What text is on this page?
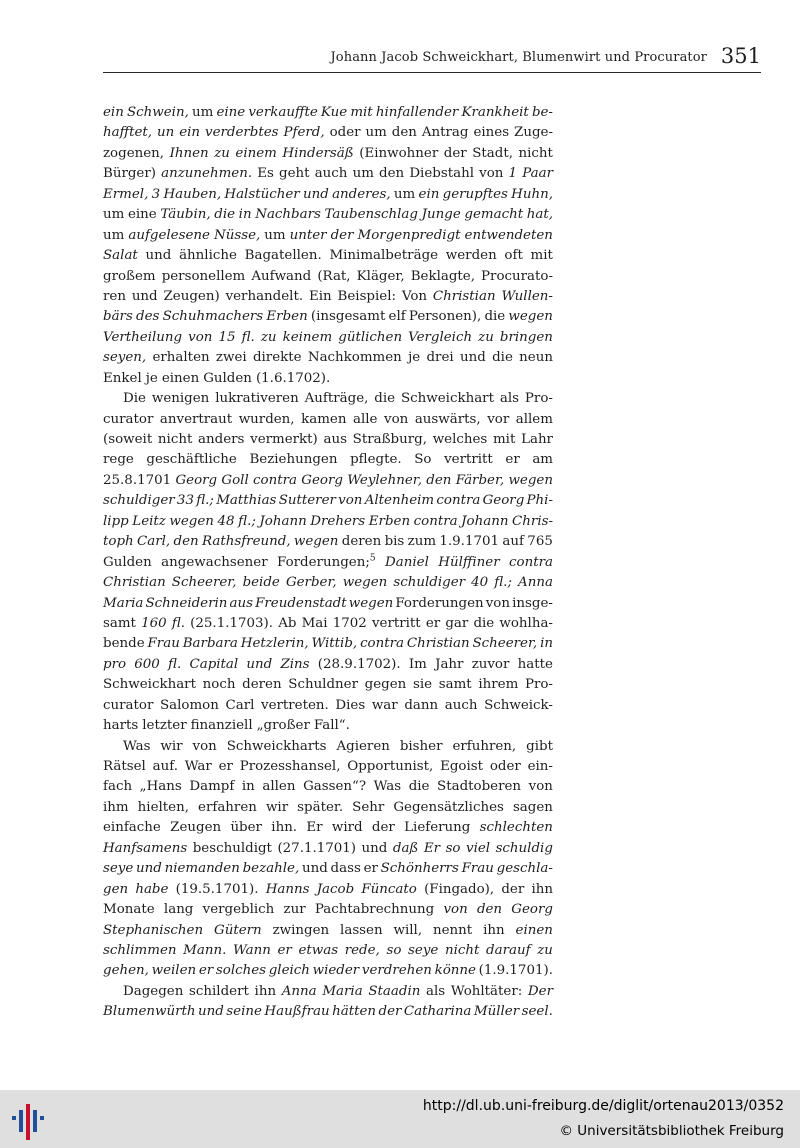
Johann Jacob Schweickhart, Blumenwirt und Procurator 351
ein Schwein, um eine verkauffte Kue mit hinfallender Krankheit be-
hafftet, un ein verderbtes Pferd, oder um den Antrag eines Zuge-
zogenen, Ihnen zu einem Hindersäß (Einwohner der Stadt, nicht
Bürger) anzunehmen. Es geht auch um den Diebstahl von 1 Paar
Ermel, 3 Hauben, Halstücher und anderes, um ein gerupftes Huhn,
um eine Täubin, die in Nachbars Taubenschlag Junge gemacht hat,
um aufgelesene Nüsse, um unter der Morgenpredigt entwendeten
Salat und ähnliche Bagatellen. Minimalbeträge werden oft mit
großem personellem Aufwand (Rat, Kläger, Beklagte, Procurato-
ren und Zeugen) verhandelt. Ein Beispiel: Von Christian Wullen-
bärs des Schuhmachers Erben (insgesamt elf Personen), die wegen
Vertheilung von 15 fl. zu keinem gütlichen Vergleich zu bringen
seyen, erhalten zwei direkte Nachkommen je drei und die neun
Enkel je einen Gulden (1.6.1702).
Die wenigen lukrativeren Aufträge, die Schweickhart als Pro-
curator anvertraut wurden, kamen alle von auswärts, vor allem
(soweit nicht anders vermerkt) aus Straßburg, welches mit Lahr
rege geschäftliche Beziehungen pflegte. So vertritt er am
25.8.1701 Georg Goll contra Georg Weylehner, den Färber, wegen
schuldiger 33 fl.; Matthias Sutterer von Altenheim contra Georg Phi-
lipp Leitz wegen 48 fl.; Johann Drehers Erben contra Johann Chris-
toph Carl, den Rathsfreund, wegen deren bis zum 1.9.1701 auf 765
Gulden angewachsener Forderungen;$^5$ Daniel Hülffiner contra
Christian Scheerer, beide Gerber, wegen schuldiger 40 fl.; Anna
Maria Schneiderin aus Freudenstadt wegen Forderungen von insge-
samt 160 fl. (25.1.1703). Ab Mai 1702 vertritt er gar die wohlha-
bende Frau Barbara Hetzlerin, Wittib, contra Christian Scheerer, in
pro 600 fl. Capital und Zins (28.9.1702). Im Jahr zuvor hatte
Schweickhart noch deren Schuldner gegen sie samt ihrem Pro-
curator Salomon Carl vertreten. Dies war dann auch Schweick-
harts letzter finanziell „großer Fall“.
Was wir von Schweickharts Agieren bisher erfuhren, gibt
Rätsel auf. War er Prozesshansel, Opportunist, Egoist oder ein-
fach „Hans Dampf in allen Gassen“? Was die Stadtoberen von
ihm hielten, erfahren wir später. Sehr Gegensätzliches sagen
einfache Zeugen über ihn. Er wird der Lieferung schlechten
Hanfsamens beschuldigt (27.1.1701) und daß Er so viel schuldig
seye und niemanden bezahle, und dass er Schönherrs Frau geschla-
gen habe (19.5.1701). Hanns Jacob Füncato (Fingado), der ihn
Monate lang vergeblich zur Pachtabrechnung von den Georg
Stephanischen Gütern zwingen lassen will, nennt ihn einen
schlimmen Mann. Wann er etwas rede, so seye nicht darauf zu
gehen, weilen er solches gleich wieder verdrehen könne (1.9.1701).
Dagegen schildert ihn Anna Maria Staadin als Wohltäter: Der
Blumenwürth und seine Haußfrau hätten der Catharina Müller seel.
http://dl.ub.uni-freiburg.de/diglit/ortenau2013/0352
© Universitätsbibliothek Freiburg
